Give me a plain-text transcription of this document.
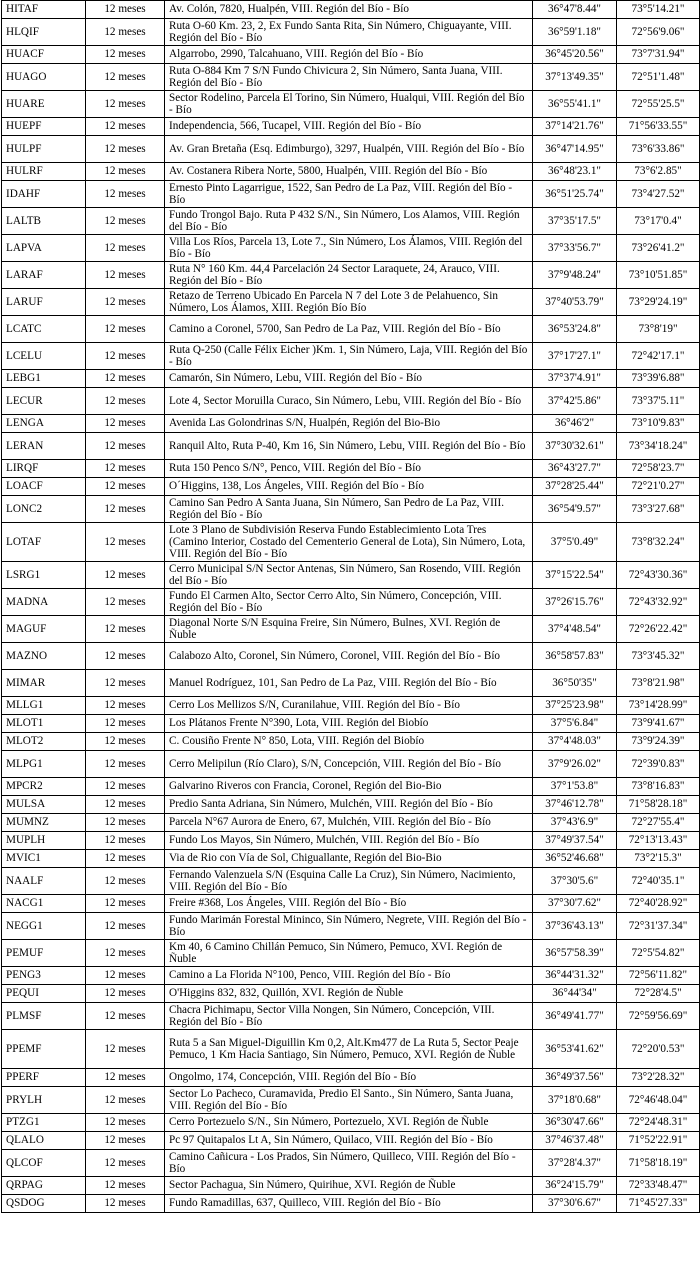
HITAF	12 meses	Av. Colón, 7820, Hualpén, VIII. Región del Bío - Bío	36°47'8.44"	73°5'14.21"
HLQIF	12 meses	Ruta O-60 Km. 23, 2, Ex Fundo Santa Rita, Sin Número, Chiguayante, VIII. Región del Bío - Bío	36°59'1.18"	72°56'9.06"
HUACF	12 meses	Algarrobo, 2990, Talcahuano, VIII. Región del Bío - Bío	36°45'20.56"	73°7'31.94"
HUAGO	12 meses	Ruta O-884 Km 7 S/N Fundo Chivicura 2, Sin Número, Santa Juana, VIII. Región del Bío - Bío	37°13'49.35"	72°51'1.48"
HUARE	12 meses	Sector Rodelino, Parcela El Torino, Sin Número, Hualqui, VIII. Región del Bío - Bío	36°55'41.1"	72°55'25.5"
HUEPF	12 meses	Independencia, 566, Tucapel, VIII. Región del Bío - Bío	37°14'21.76"	71°56'33.55"
HULPF	12 meses	Av. Gran Bretaña (Esq. Edimburgo), 3297, Hualpén, VIII. Región del Bío - Bío	36°47'14.95"	73°6'33.86"
HULRF	12 meses	Av. Costanera Ribera Norte, 5800, Hualpén, VIII. Región del Bío - Bío	36°48'23.1"	73°6'2.85"
IDAHF	12 meses	Ernesto Pinto Lagarrigue, 1522, San Pedro de La Paz, VIII. Región del Bío - Bío	36°51'25.74"	73°4'27.52"
LALTB	12 meses	Fundo Trongol Bajo. Ruta P 432 S/N., Sin Número, Los Alamos, VIII. Región del Bío - Bío	37°35'17.5"	73°17'0.4"
LAPVA	12 meses	Villa Los Ríos, Parcela 13, Lote 7., Sin Número, Los Álamos, VIII. Región del Bío - Bío	37°33'56.7"	73°26'41.2"
LARAF	12 meses	Ruta N° 160 Km. 44,4 Parcelación 24 Sector Laraquete, 24, Arauco, VIII. Región del Bío - Bío	37°9'48.24"	73°10'51.85"
LARUF	12 meses	Retazo de Terreno Ubicado En Parcela N 7 del Lote 3 de Pelahuenco, Sin Número, Los Álamos, XIII. Región Bío Bío	37°40'53.79"	73°29'24.19"
LCATC	12 meses	Camino a Coronel, 5700, San Pedro de La Paz, VIII. Región del Bío - Bío	36°53'24.8"	73°8'19"
LCELU	12 meses	Ruta Q-250 (Calle Félix Eicher )Km. 1, Sin Número, Laja, VIII. Región del Bío - Bío	37°17'27.1"	72°42'17.1"
LEBG1	12 meses	Camarón, Sin Número, Lebu, VIII. Región del Bío - Bío	37°37'4.91"	73°39'6.88"
LECUR	12 meses	Lote 4, Sector Moruilla Curaco, Sin Número, Lebu, VIII. Región del Bío - Bío	37°42'5.86"	73°37'5.11"
LENGA	12 meses	Avenida Las Golondrinas S/N, Hualpén, Región del Bio-Bio	36°46'2"	73°10'9.83"
LERAN	12 meses	Ranquil Alto, Ruta P-40, Km 16, Sin Número, Lebu, VIII. Región del Bío - Bío	37°30'32.61"	73°34'18.24"
LIRQF	12 meses	Ruta 150 Penco S/N°, Penco, VIII. Región del Bío - Bío	36°43'27.7"	72°58'23.7"
LOACF	12 meses	O´Higgins, 138, Los Ángeles, VIII. Región del Bío - Bío	37°28'25.44"	72°21'0.27"
LONC2	12 meses	Camino San Pedro A Santa Juana, Sin Número, San Pedro de La Paz, VIII. Región del Bío - Bío	36°54'9.57"	73°3'27.68"
LOTAF	12 meses	Lote 3 Plano de Subdivisión Reserva Fundo Establecimiento Lota Tres (Camino Interior, Costado del Cementerio General de Lota), Sin Número, Lota, VIII. Región del Bío - Bío	37°5'0.49"	73°8'32.24"
LSRG1	12 meses	Cerro Municipal S/N Sector Antenas, Sin Número, San Rosendo, VIII. Región del Bío - Bío	37°15'22.54"	72°43'30.36"
MADNA	12 meses	Fundo El Carmen Alto, Sector Cerro Alto, Sin Número, Concepción, VIII. Región del Bío - Bío	37°26'15.76"	72°43'32.92"
MAGUF	12 meses	Diagonal Norte S/N Esquina Freire, Sin Número, Bulnes, XVI. Región de Ñuble	37°4'48.54"	72°26'22.42"
MAZNO	12 meses	Calabozo Alto, Coronel, Sin Número, Coronel, VIII. Región del Bío - Bío	36°58'57.83"	73°3'45.32"
MIMAR	12 meses	Manuel Rodríguez, 101, San Pedro de La Paz, VIII. Región del Bío - Bío	36°50'35"	73°8'21.98"
MLLG1	12 meses	Cerro Los Mellizos S/N, Curanilahue, VIII. Región del Bío - Bío	37°25'23.98"	73°14'28.99"
MLOT1	12 meses	Los Plátanos Frente N°390, Lota, VIII. Región del Biobío	37°5'6.84"	73°9'41.67"
MLOT2	12 meses	C. Cousiño Frente N° 850, Lota, VIII. Región del Biobío	37°4'48.03"	73°9'24.39"
MLPG1	12 meses	Cerro Melipilun (Río Claro), S/N, Concepción, VIII. Región del Bío - Bío	37°9'26.02"	72°39'0.83"
MPCR2	12 meses	Galvarino Riveros con Francia, Coronel, Región del Bio-Bio	37°1'53.8"	73°8'16.83"
MULSA	12 meses	Predio Santa Adriana, Sin Número, Mulchén, VIII. Región del Bío - Bío	37°46'12.78"	71°58'28.18"
MUMNZ	12 meses	Parcela N°67 Aurora de Enero, 67, Mulchén, VIII. Región del Bío - Bío	37°43'6.9"	72°27'55.4"
MUPLH	12 meses	Fundo Los Mayos, Sin Número, Mulchén, VIII. Región del Bío - Bío	37°49'37.54"	72°13'13.43"
MVIC1	12 meses	Via de Rio con Vía de Sol, Chiguallante, Región del Bio-Bio	36°52'46.68"	73°2'15.3"
NAALF	12 meses	Fernando Valenzuela S/N (Esquina Calle La Cruz), Sin Número, Nacimiento, VIII. Región del Bío - Bío	37°30'5.6"	72°40'35.1"
NACG1	12 meses	Freire #368, Los Ángeles, VIII. Región del Bío - Bío	37°30'7.62"	72°40'28.92"
NEGG1	12 meses	Fundo Marimán Forestal Mininco, Sin Número, Negrete, VIII. Región del Bío - Bío	37°36'43.13"	72°31'37.34"
PEMUF	12 meses	Km 40, 6 Camino Chillán Pemuco, Sin Número, Pemuco, XVI. Región de Ñuble	36°57'58.39"	72°5'54.82"
PENG3	12 meses	Camino a La Florida N°100, Penco, VIII. Región del Bío - Bío	36°44'31.32"	72°56'11.82"
PEQUI	12 meses	O'Higgins 832, 832, Quillón, XVI. Región de Ñuble	36°44'34"	72°28'4.5"
PLMSF	12 meses	Chacra Pichimapu, Sector Villa Nongen, Sin Número, Concepción, VIII. Región del Bío - Bío	36°49'41.77"	72°59'56.69"
PPEMF	12 meses	Ruta 5 a San Miguel-Diguillin Km 0,2, Alt.Km477 de La Ruta 5, Sector Peaje Pemuco, 1 Km Hacia Santiago, Sin Número, Pemuco, XVI. Región de Ñuble	36°53'41.62"	72°20'0.53"
PPERF	12 meses	Ongolmo, 174, Concepción, VIII. Región del Bío - Bío	36°49'37.56"	73°2'28.32"
PRYLH	12 meses	Sector Lo Pacheco, Curamavida, Predio El Santo., Sin Número, Santa Juana, VIII. Región del Bío - Bío	37°18'0.68"	72°46'48.04"
PTZG1	12 meses	Cerro Portezuelo S/N., Sin Número, Portezuelo, XVI. Región de Ñuble	36°30'47.66"	72°24'48.31"
QLALO	12 meses	Pc 97 Quitapalos Lt A, Sin Número, Quilaco, VIII. Región del Bío - Bío	37°46'37.48"	71°52'22.91"
QLCOF	12 meses	Camino Cañicura - Los Prados, Sin Número, Quilleco, VIII. Región del Bío - Bío	37°28'4.37"	71°58'18.19"
QRPAG	12 meses	Sector Pachagua, Sin Número, Quirihue, XVI. Región de Ñuble	36°24'15.79"	72°33'48.47"
QSDOG	12 meses	Fundo Ramadillas, 637, Quilleco, VIII. Región del Bío - Bío	37°30'6.67"	71°45'27.33"
